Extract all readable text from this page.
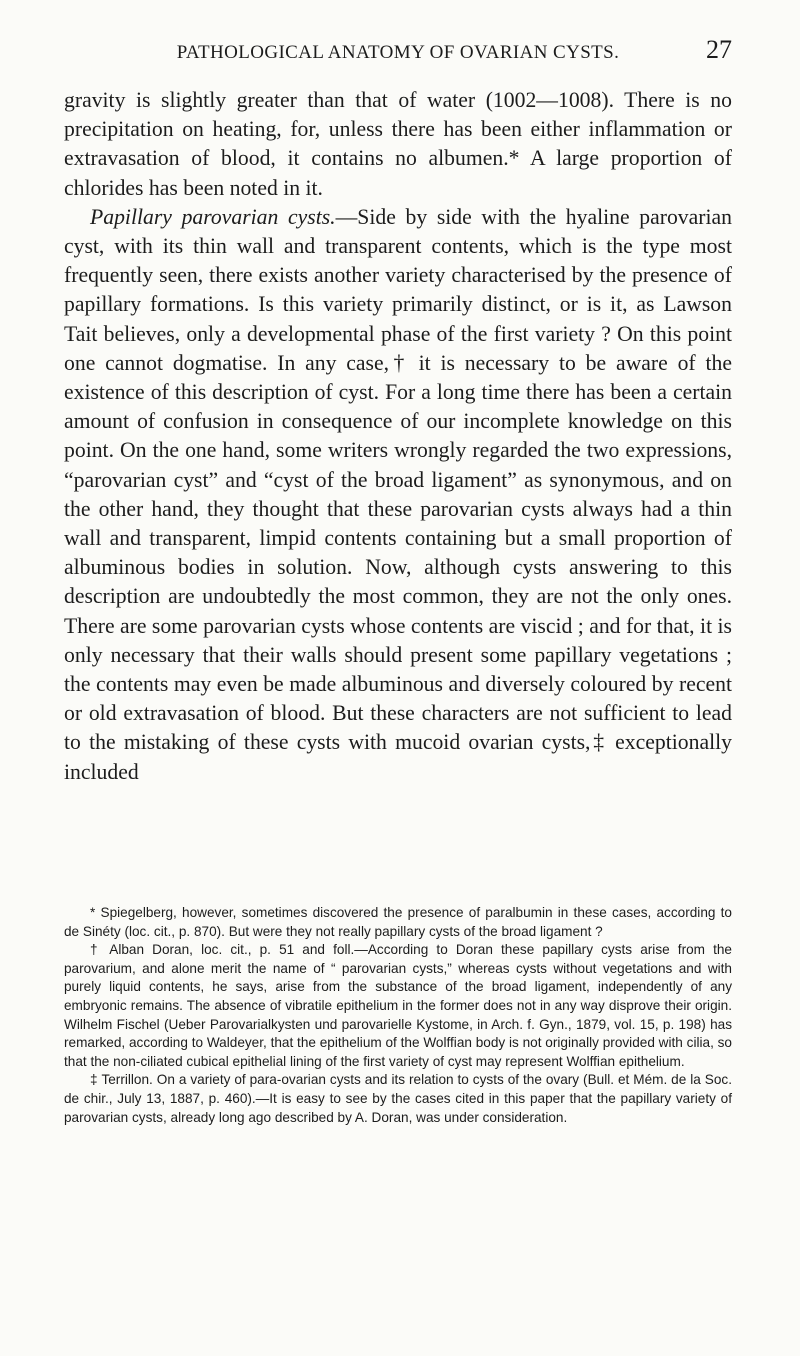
PATHOLOGICAL ANATOMY OF OVARIAN CYSTS.	27

gravity is slightly greater than that of water (1002—1008). There is no precipitation on heating, for, unless there has been either inflammation or extravasation of blood, it contains no albumen.* A large proportion of chlorides has been noted in it.

Papillary parovarian cysts.—Side by side with the hyaline parovarian cyst, with its thin wall and transparent contents, which is the type most frequently seen, there exists another variety characterised by the presence of papillary formations. Is this variety primarily distinct, or is it, as Lawson Tait believes, only a developmental phase of the first variety ? On this point one cannot dogmatise. In any case,† it is necessary to be aware of the existence of this description of cyst. For a long time there has been a certain amount of confusion in consequence of our incomplete knowledge on this point. On the one hand, some writers wrongly regarded the two expressions, “parovarian cyst” and “cyst of the broad ligament” as synonymous, and on the other hand, they thought that these parovarian cysts always had a thin wall and transparent, limpid contents containing but a small proportion of albuminous bodies in solution. Now, although cysts answering to this description are undoubtedly the most common, they are not the only ones. There are some parovarian cysts whose contents are viscid ; and for that, it is only necessary that their walls should present some papillary vegetations ; the contents may even be made albuminous and diversely coloured by recent or old extravasation of blood. But these characters are not sufficient to lead to the mistaking of these cysts with mucoid ovarian cysts,‡ exceptionally included

* Spiegelberg, however, sometimes discovered the presence of paralbumin in these cases, according to de Sinéty (loc. cit., p. 870). But were they not really papillary cysts of the broad ligament ?

† Alban Doran, loc. cit., p. 51 and foll.—According to Doran these papillary cysts arise from the parovarium, and alone merit the name of “ parovarian cysts,” whereas cysts without vegetations and with purely liquid contents, he says, arise from the substance of the broad ligament, independently of any embryonic remains. The absence of vibratile epithelium in the former does not in any way disprove their origin. Wilhelm Fischel (Ueber Parovarialkysten und parovarielle Kystome, in Arch. f. Gyn., 1879, vol. 15, p. 198) has remarked, according to Waldeyer, that the epithelium of the Wolffian body is not originally provided with cilia, so that the non-ciliated cubical epithelial lining of the first variety of cyst may represent Wolffian epithelium.

‡ Terrillon. On a variety of para-ovarian cysts and its relation to cysts of the ovary (Bull. et Mém. de la Soc. de chir., July 13, 1887, p. 460).—It is easy to see by the cases cited in this paper that the papillary variety of parovarian cysts, already long ago described by A. Doran, was under consideration.
